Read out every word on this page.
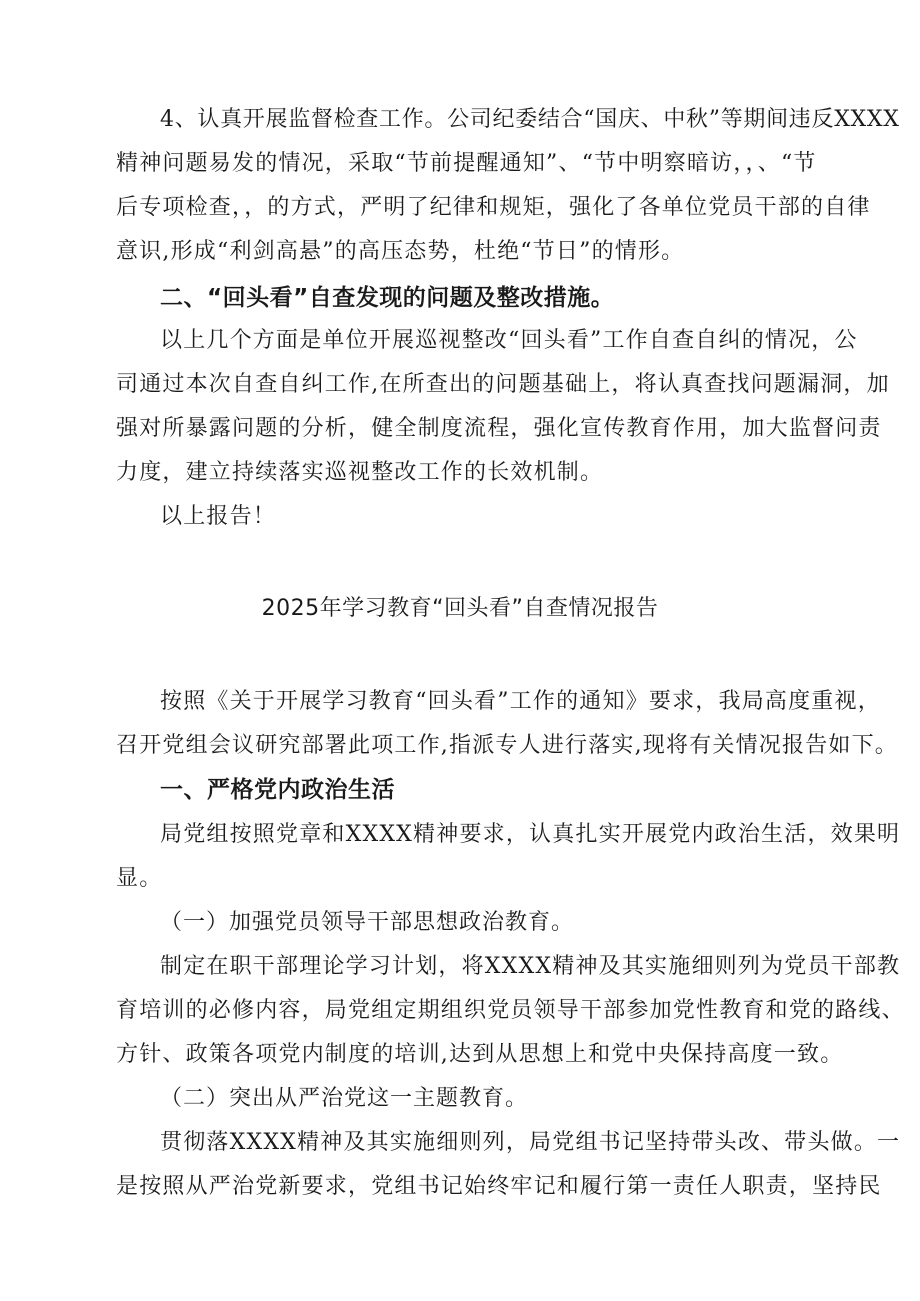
4、认真开展监督检查工作。公司纪委结合“国庆、中秋”等期间违反XXXX
精神问题易发的情况，采取“节前提醒通知”、“节中明察暗访，，、“节
后专项检查，，的方式，严明了纪律和规矩，强化了各单位党员干部的自律
意识,形成“利剑高悬”的高压态势，杜绝“节日”的情形。
二、“回头看”自查发现的问题及整改措施。
以上几个方面是单位开展巡视整改“回头看”工作自查自纠的情况，公
司通过本次自查自纠工作,在所查出的问题基础上，将认真查找问题漏洞，加
强对所暴露问题的分析，健全制度流程，强化宣传教育作用，加大监督问责
力度，建立持续落实巡视整改工作的长效机制。
以上报告！
2025年学习教育“回头看”自查情况报告
按照《关于开展学习教育“回头看”工作的通知》要求，我局高度重视，
召开党组会议研究部署此项工作,指派专人进行落实,现将有关情况报告如下。
一、严格党内政治生活
局党组按照党章和XXXX精神要求，认真扎实开展党内政治生活，效果明
显。
（一）加强党员领导干部思想政治教育。
制定在职干部理论学习计划，将XXXX精神及其实施细则列为党员干部教
育培训的必修内容，局党组定期组织党员领导干部参加党性教育和党的路线、
方针、政策各项党内制度的培训,达到从思想上和党中央保持高度一致。
（二）突出从严治党这一主题教育。
贯彻落XXXX精神及其实施细则列，局党组书记坚持带头改、带头做。一
是按照从严治党新要求，党组书记始终牢记和履行第一责任人职责，坚持民
